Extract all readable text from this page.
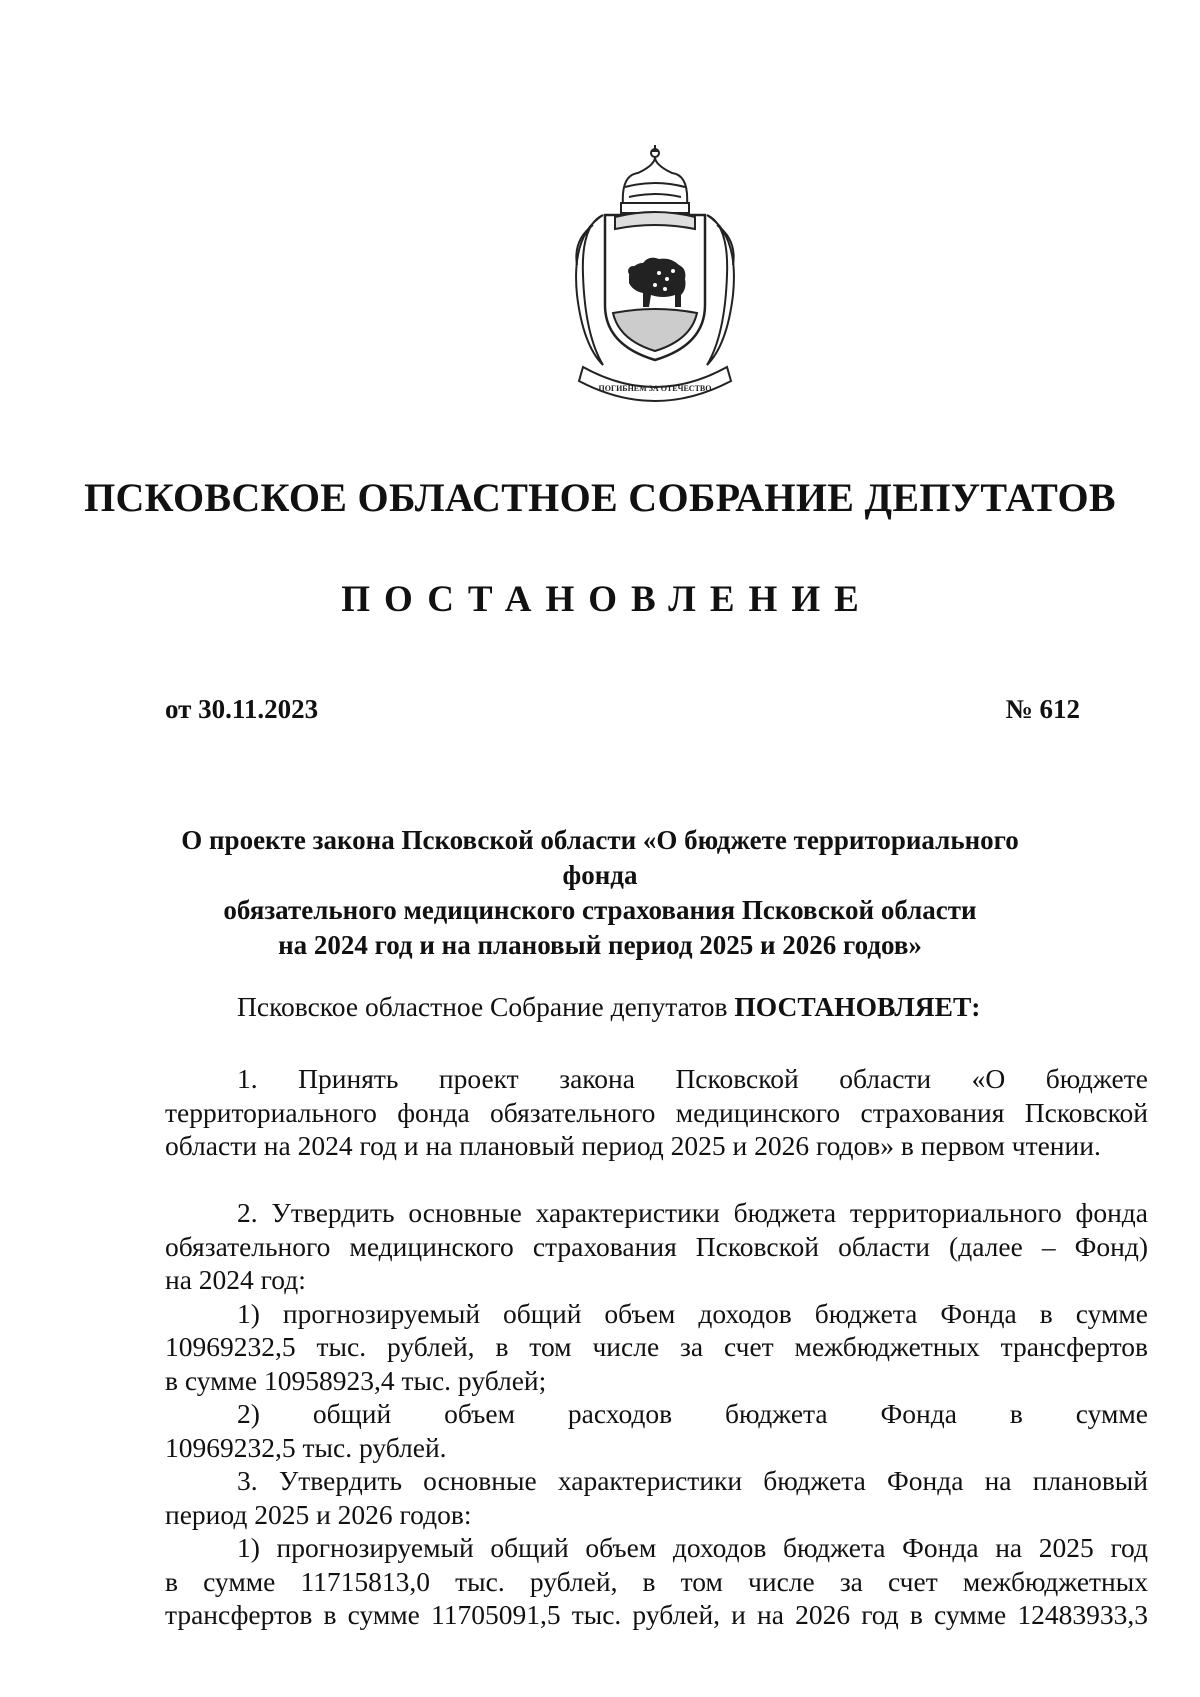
ПОГИБНЕМ ЗА ОТЕЧЕСТВО
ПСКОВСКОЕ ОБЛАСТНОЕ СОБРАНИЕ ДЕПУТАТОВ
ПОСТАНОВЛЕНИЕ
от 30.11.2023	№ 612
О проекте закона Псковской области «О бюджете территориального фонда
обязательного медицинского страхования Псковской области
на 2024 год и на плановый период 2025 и 2026 годов»

Псковское областное Собрание депутатов ПОСТАНОВЛЯЕТ:

1. Принять проект закона Псковской области «О бюджете
территориального фонда обязательного медицинского страхования Псковской
области на 2024 год и на плановый период 2025 и 2026 годов» в первом чтении.
2. Утвердить основные характеристики бюджета территориального фонда
обязательного медицинского страхования Псковской области (далее – Фонд)
на 2024 год:
1) прогнозируемый общий объем доходов бюджета Фонда в сумме
10969232,5 тыс. рублей, в том числе за счет межбюджетных трансфертов
в сумме 10958923,4 тыс. рублей;
2) общий объем расходов бюджета Фонда в сумме
10969232,5 тыс. рублей.
3. Утвердить основные характеристики бюджета Фонда на плановый
период 2025 и 2026 годов:
1) прогнозируемый общий объем доходов бюджета Фонда на 2025 год
в сумме 11715813,0 тыс. рублей, в том числе за счет межбюджетных
трансфертов в сумме 11705091,5 тыс. рублей, и на 2026 год в сумме 12483933,3
